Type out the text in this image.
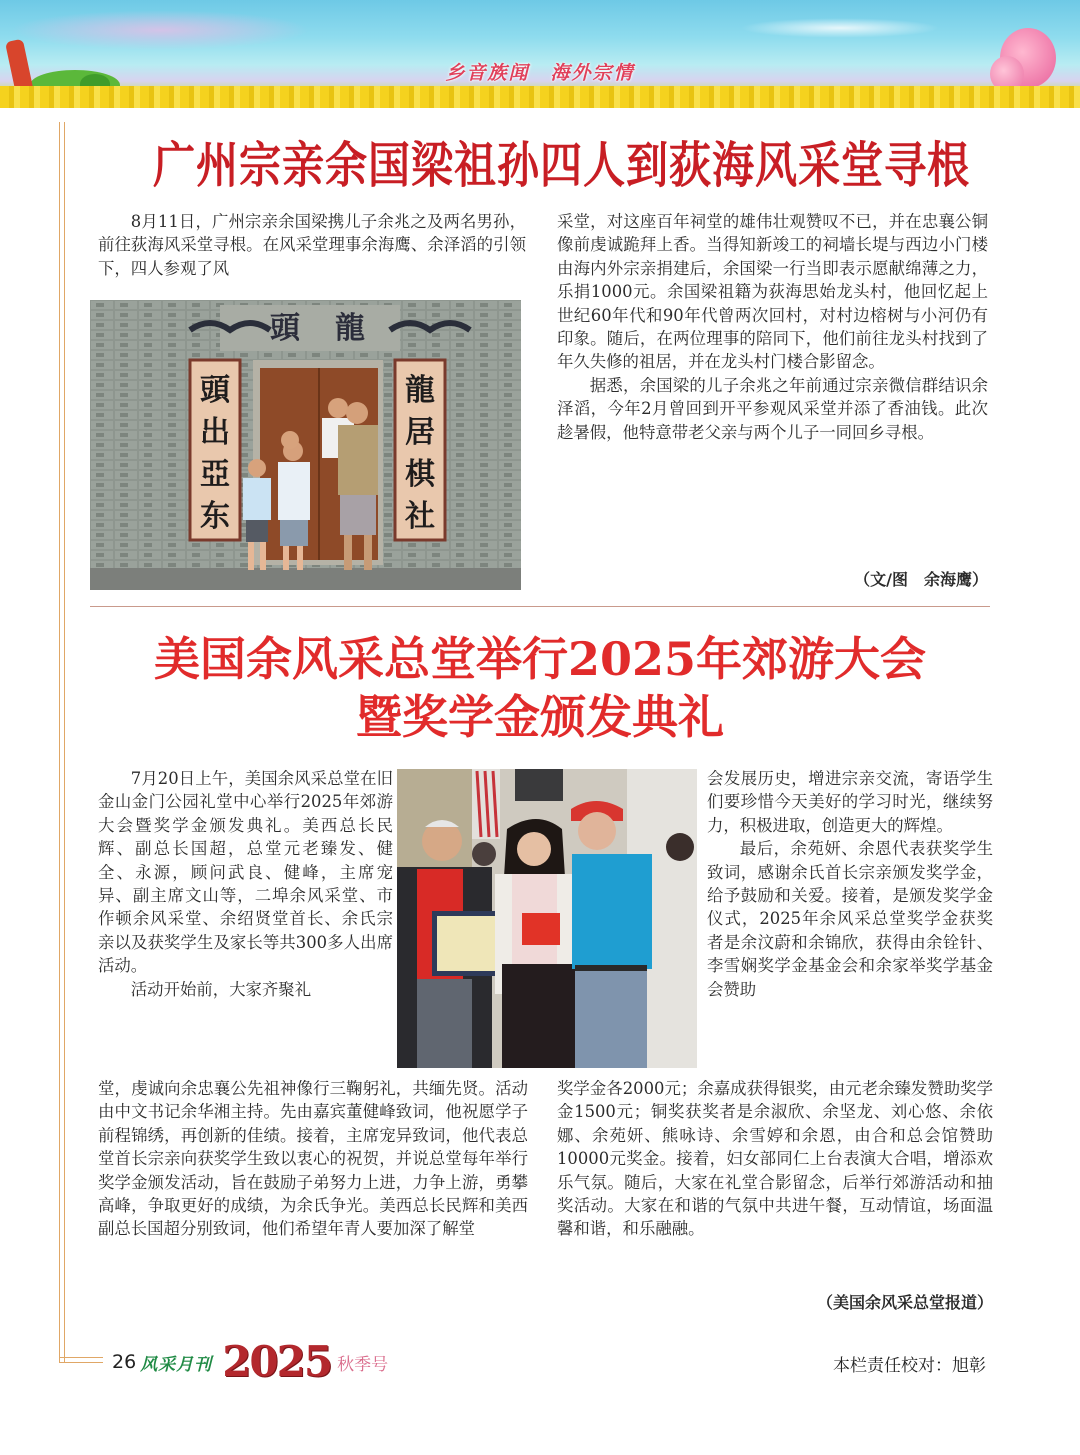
乡音族闻　海外宗情
广州宗亲余国梁祖孙四人到荻海风采堂寻根

8月11日，广州宗亲余国梁携儿子余兆之及两名男孙，前往荻海风采堂寻根。在风采堂理事余海鹰、余泽滔的引领下，四人参观了风

頭 龍
頭
出
亞
东
龍
居
棋
社

采堂，对这座百年祠堂的雄伟壮观赞叹不已，并在忠襄公铜像前虔诚跪拜上香。当得知新竣工的祠墙长堤与西边小门楼由海内外宗亲捐建后，余国梁一行当即表示愿献绵薄之力，乐捐1000元。余国梁祖籍为荻海思始龙头村，他回忆起上世纪60年代和90年代曾两次回村，对村边榕树与小河仍有印象。随后，在两位理事的陪同下，他们前往龙头村找到了年久失修的祖居，并在龙头村门楼合影留念。

据悉，余国梁的儿子余兆之年前通过宗亲微信群结识余泽滔，今年2月曾回到开平参观风采堂并添了香油钱。此次趁暑假，他特意带老父亲与两个儿子一同回乡寻根。

（文/图　余海鹰）
美国余风采总堂举行2025年郊游大会
暨奖学金颁发典礼

7月20日上午，美国余风采总堂在旧金山金门公园礼堂中心举行2025年郊游大会暨奖学金颁发典礼。美西总长民辉、副总长国超，总堂元老臻发、健全、永源，顾问武良、健峰，主席宠异、副主席文山等，二埠余风采堂、市作顿余风采堂、余绍贤堂首长、余氏宗亲以及获奖学生及家长等共300多人出席活动。

活动开始前，大家齐聚礼

会发展历史，增进宗亲交流，寄语学生们要珍惜今天美好的学习时光，继续努力，积极进取，创造更大的辉煌。

最后，余苑妍、余恩代表获奖学生致词，感谢余氏首长宗亲颁发奖学金，给予鼓励和关爱。接着，是颁发奖学金仪式，2025年余风采总堂奖学金获奖者是余汶蔚和余锦欣，获得由余铨针、李雪娴奖学金基金会和余家举奖学基金会赞助

堂，虔诚向余忠襄公先祖神像行三鞠躬礼，共缅先贤。活动由中文书记余华湘主持。先由嘉宾董健峰致词，他祝愿学子前程锦绣，再创新的佳绩。接着，主席宠异致词，他代表总堂首长宗亲向获奖学生致以衷心的祝贺，并说总堂每年举行奖学金颁发活动，旨在鼓励子弟努力上进，力争上游，勇攀高峰，争取更好的成绩，为余氏争光。美西总长民辉和美西副总长国超分别致词，他们希望年青人要加深了解堂

奖学金各2000元；余嘉成获得银奖，由元老余臻发赞助奖学金1500元；铜奖获奖者是余淑欣、余坚龙、刘心悠、余依娜、余苑妍、熊咏诗、余雪婷和余恩，由合和总会馆赞助10000元奖金。接着，妇女部同仁上台表演大合唱，增添欢乐气氛。随后，大家在礼堂合影留念，后举行郊游活动和抽奖活动。大家在和谐的气氛中共进午餐，互动情谊，场面温馨和谐，和乐融融。

（美国余风采总堂报道）
26 风采月刊 2025 秋季号	本栏责任校对：旭彰
